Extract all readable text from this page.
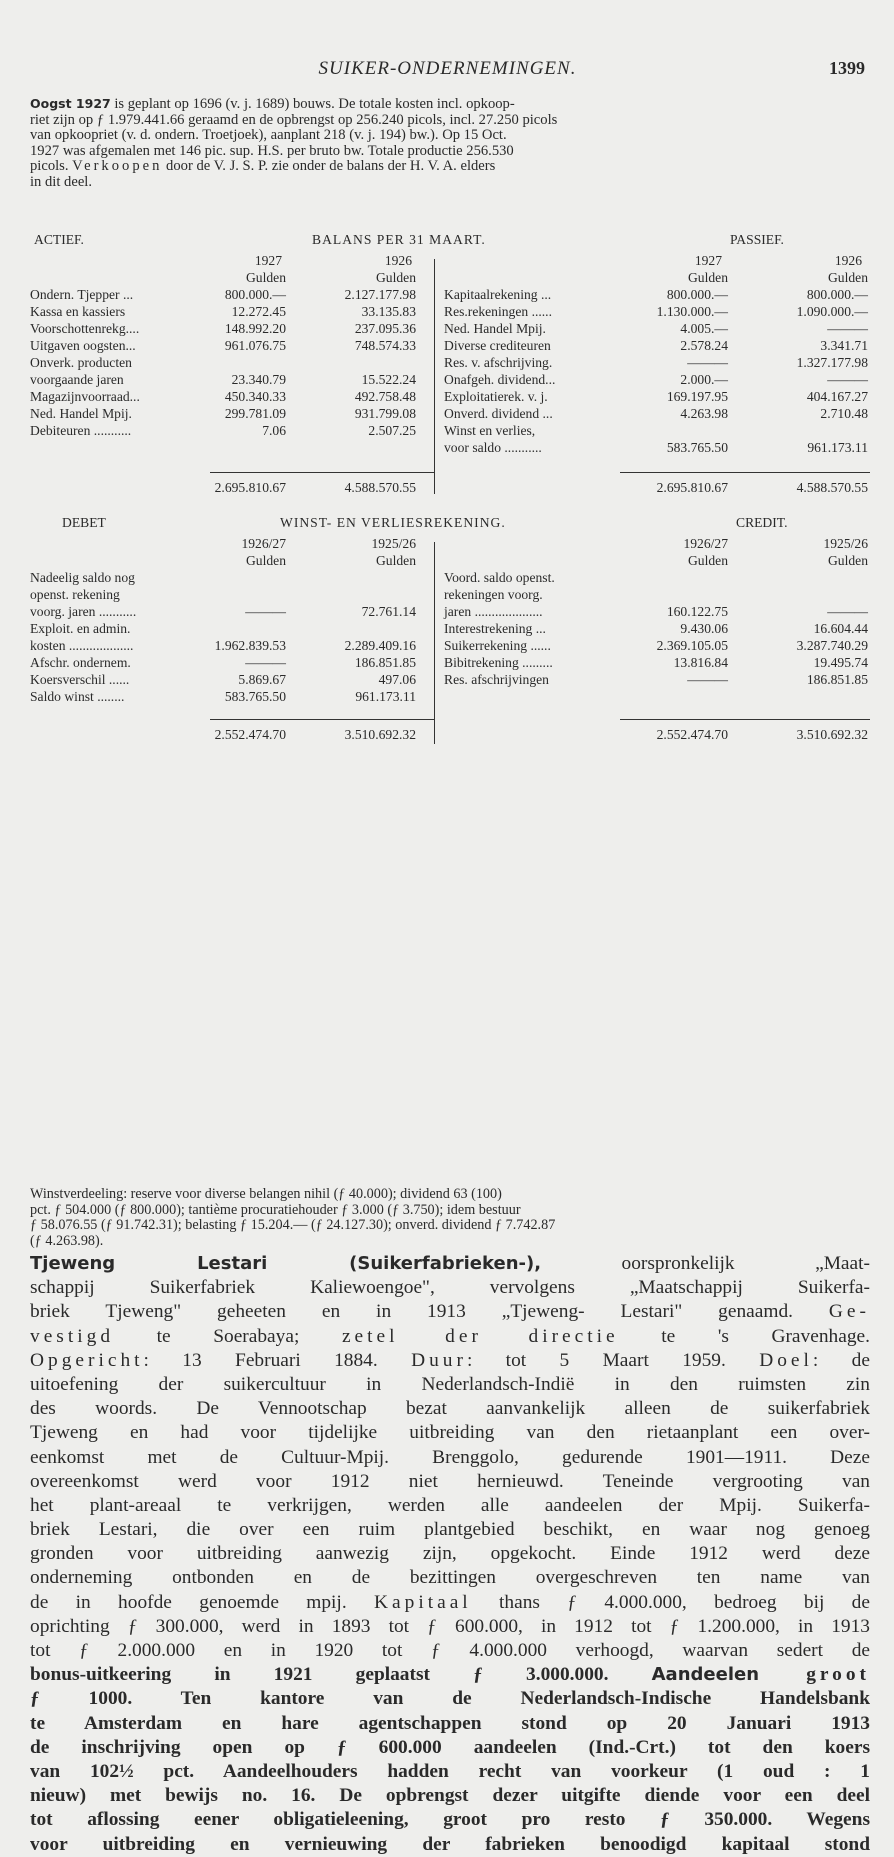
SUIKER-ONDERNEMINGEN.	1399
Oogst 1927 is geplant op 1696 (v. j. 1689) bouws. De totale kosten incl. opkoop-
riet zijn op ƒ 1.979.441.66 geraamd en de opbrengst op 256.240 picols, incl. 27.250 picols
van opkoopriet (v. d. ondern. Troetjoek), aanplant 218 (v. j. 194) bw.). Op 15 Oct.
1927 was afgemalen met 146 pic. sup. H.S. per bruto bw. Totale productie 256.530
picols. Verkoopen door de V. J. S. P. zie onder de balans der H. V. A. elders
in dit deel.
ACTIEF.	BALANS PER 31 MAART.	PASSIEF.
1927	1926	1927	1926
Gulden	Gulden	Gulden	Gulden
Ondern. Tjepper ...	800.000.—	2.127.177.98
Kassa en kassiers	12.272.45	33.135.83
Voorschottenrekg....	148.992.20	237.095.36
Uitgaven oogsten...	961.076.75	748.574.33
Onverk. producten
voorgaande jaren	23.340.79	15.522.24
Magazijnvoorraad...	450.340.33	492.758.48
Ned. Handel Mpij.	299.781.09	931.799.08
Debiteuren ...........	7.06	2.507.25
Kapitaalrekening ...	800.000.—	800.000.—
Res.rekeningen ......	1.130.000.—	1.090.000.—
Ned. Handel Mpij.	4.005.—	———
Diverse crediteuren	2.578.24	3.341.71
Res. v. afschrijving.	———	1.327.177.98
Onafgeh. dividend...	2.000.—	———
Exploitatierek. v. j.	169.197.95	404.167.27
Onverd. dividend ...	4.263.98	2.710.48
Winst en verlies,
voor saldo ...........	583.765.50	961.173.11
2.695.810.67	4.588.570.55	2.695.810.67	4.588.570.55
DEBET	WINST- EN VERLIESREKENING.	CREDIT.
1926/27	1925/26	1926/27	1925/26
Gulden	Gulden	Gulden	Gulden
Nadeelig saldo nog
openst. rekening
voorg. jaren ...........	———	72.761.14
Exploit. en admin.
kosten ...................	1.962.839.53	2.289.409.16
Afschr. ondernem.	———	186.851.85
Koersverschil ......	5.869.67	497.06
Saldo winst ........	583.765.50	961.173.11
Voord. saldo openst.
rekeningen voorg.
jaren ....................	160.122.75	———
Interestrekening ...	9.430.06	16.604.44
Suikerrekening ......	2.369.105.05	3.287.740.29
Bibitrekening .........	13.816.84	19.495.74
Res. afschrijvingen	———	186.851.85
2.552.474.70	3.510.692.32	2.552.474.70	3.510.692.32
Winstverdeeling: reserve voor diverse belangen nihil (ƒ 40.000); dividend 63 (100)
pct. ƒ 504.000 (ƒ 800.000); tantième procuratiehouder ƒ 3.000 (ƒ 3.750); idem bestuur
ƒ 58.076.55 (ƒ 91.742.31); belasting ƒ 15.204.— (ƒ 24.127.30); onverd. dividend ƒ 7.742.87
(ƒ 4.263.98).
Tjeweng Lestari (Suikerfabrieken-),	oorspronkelijk „Maat-
schappij Suikerfabriek Kaliewoengoe", vervolgens „Maatschappij Suikerfa-
briek Tjeweng" geheeten en in 1913 „Tjeweng- Lestari" genaamd. Ge-
vestigd te Soerabaya; zetel der directie te 's Gravenhage.
Opgericht: 13 Februari 1884. Duur: tot 5 Maart 1959. Doel: de
uitoefening der suikercultuur in Nederlandsch-Indië in den ruimsten zin
des woords. De Vennootschap bezat aanvankelijk alleen de suikerfabriek
Tjeweng en had voor tijdelijke uitbreiding van den rietaanplant een over-
eenkomst met de Cultuur-Mpij. Brenggolo, gedurende 1901—1911. Deze
overeenkomst werd voor 1912 niet hernieuwd. Teneinde vergrooting van
het plant-areaal te verkrijgen, werden alle aandeelen der Mpij. Suikerfa-
briek Lestari, die over een ruim plantgebied beschikt, en waar nog genoeg
gronden voor uitbreiding aanwezig zijn, opgekocht. Einde 1912 werd deze
onderneming ontbonden en de bezittingen overgeschreven ten name van
de in hoofde genoemde mpij. Kapitaal thans ƒ 4.000.000, bedroeg bij de
oprichting ƒ 300.000, werd in 1893 tot ƒ 600.000, in 1912 tot ƒ 1.200.000, in 1913
tot ƒ 2.000.000 en in 1920 tot ƒ 4.000.000 verhoogd, waarvan sedert de
bonus-uitkeering in 1921 geplaatst ƒ 3.000.000. Aandeelen groot
ƒ 1000. Ten kantore van de Nederlandsch-Indische Handelsbank
te Amsterdam en hare agentschappen stond op 20 Januari 1913
de inschrijving open op ƒ 600.000 aandeelen (Ind.-Crt.) tot den koers
van 102½ pct. Aandeelhouders hadden recht van voorkeur (1 oud : 1
nieuw) met bewijs no. 16. De opbrengst dezer uitgifte diende voor een deel
tot aflossing eener obligatieleening, groot pro resto ƒ 350.000. Wegens
voor uitbreiding en vernieuwing der fabrieken benoodigd kapitaal stond
